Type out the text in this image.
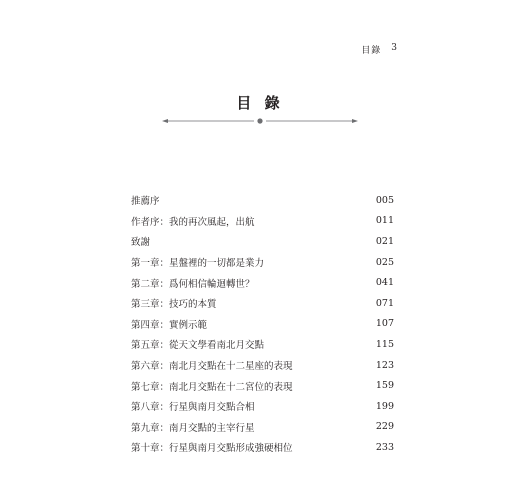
目錄 3
目 錄
推薦序	005
作者序：我的再次風起，出航	011
致謝	021
第一章：星盤裡的一切都是業力	025
第二章：爲何相信輪迴轉世？	041
第三章：技巧的本質	071
第四章：實例示範	107
第五章：從天文學看南北月交點	115
第六章：南北月交點在十二星座的表現	123
第七章：南北月交點在十二宮位的表現	159
第八章：行星與南月交點合相	199
第九章：南月交點的主宰行星	229
第十章：行星與南月交點形成強硬相位	233
